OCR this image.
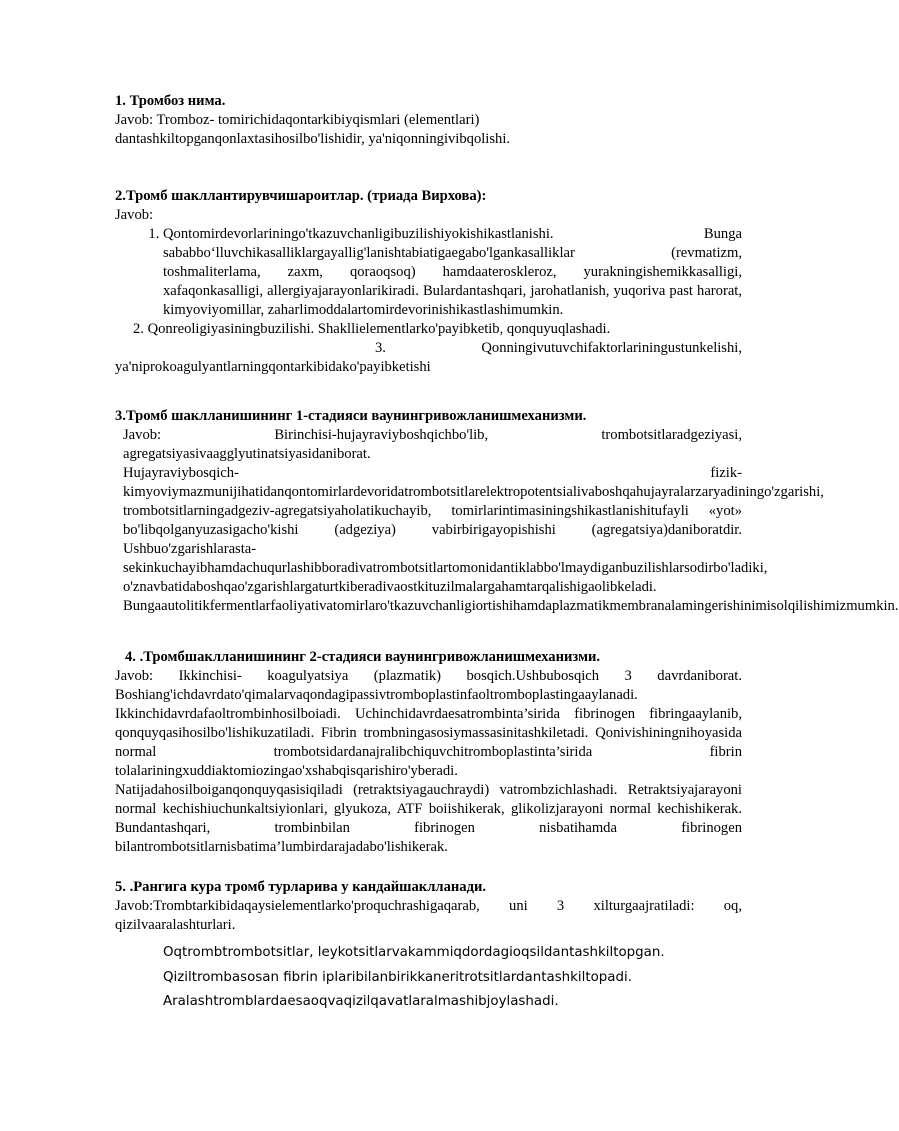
1. Тромбоз нима.

Javob: Tromboz- tomirichidaqontarkibiyqismlari (elementlari)

dantashkiltopganqonlaxtasihosilbo'lishidir, ya'niqonningivibqolishi.

2.Тромб шакллантирувчишароитлар. (триада Вирхова):

Javob:

1. Qontomirdevorlariningo'tkazuvchanligibuzilishiyokishikastlanishi. Bunga sababbo‘lluvchikasalliklargayallig'lanishtabiatigaegabo'lgankasalliklar (revmatizm, toshmaliterlama, zaxm, qoraoqsoq) hamdaateroskleroz, yurakningishemikkasalligi, xafaqonkasalligi, allergiyajarayonlarikiradi. Bulardantashqari, jarohatlanish, yuqoriva past harorat, kimyoviyomillar, zaharlimoddalartomirdevorinishikastlashimumkin.

2. Qonreoligiyasiningbuzilishi. Shakllielementlarko'payibketib, qonquyuqlashadi.

3. Qonningivutuvchifaktorlariningustunkelishi, ya'niprokoagulyantlarningqontarkibidako'payibketishi

3.Тромб шаклланишининг 1-стадияси ваунингривожланишмеханизми.

Javob: Birinchisi-hujayraviyboshqichbo'lib, trombotsitlaradgeziyasi, agregatsiyasivaagglyutinatsiyasidaniborat.

Hujayraviybosqich- fizik-kimyoviymazmunijihatidanqontomirlardevoridatrombotsitlarelektropotentsialivaboshqahujayralarzaryadiningo'zgarishi, trombotsitlarningadgeziv-agregatsiyaholatikuchayib, tomirlarintimasiningshikastlanishitufayli «yot» bo'libqolganyuzasigacho'kishi (adgeziya) vabirbirigayopishishi (agregatsiya)daniboratdir. Ushbuo'zgarishlarasta-sekinkuchayibhamdachuqurlashibboradivatrombotsitlartomonidantiklabbo'lmaydiganbuzilishlarsodirbo'ladiki,

o'znavbatidaboshqao'zgarishlargaturtkiberadivaostkituzilmalargahamtarqalishigaolibkeladi.

Bungaautolitikfermentlarfaoliyativatomirlaro'tkazuvchanligiortishihamdaplazmatikmembranalamingerishinimisolqilishimizmumkin.

4. .Тромбшаклланишининг 2-стадияси ваунингривожланишмеханизми.

Javob: Ikkinchisi- koagulyatsiya (plazmatik) bosqich.Ushbubosqich 3 davrdaniborat. Boshiang'ichdavrdato'qimalarvaqondagipassivtromboplastinfaoltromboplastingaaylanadi. Ikkinchidavrdafaoltrombinhosilboiadi. Uchinchidavrdaesatrombinta’sirida fibrinogen fibringaaylanib, qonquyqasihosilbo'lishikuzatiladi. Fibrin trombningasosiymassasinitashkiletadi. Qonivishiningnihoyasida normal trombotsidardanajralibchiquvchitromboplastinta’sirida fibrin tolalariningxuddiaktomiozingao'xshabqisqarishiro'yberadi.

Natijadahosilboiganqonquyqasisiqiladi (retraktsiyagauchraydi) vatrombzichlashadi. Retraktsiyajarayoni normal kechishiuchunkaltsiyionlari, glyukoza, ATF boiishikerak, glikolizjarayoni normal kechishikerak. Bundantashqari, trombinbilan fibrinogen nisbatihamda fibrinogen bilantrombotsitlarnisbatima’lumbirdarajadabo'lishikerak.

5. .Рангига кура тромб турларива у кандайшаклланади.

Javob:Trombtarkibidaqaysielementlarko'proquchrashigaqarab, uni 3 xilturgaajratiladi: oq, qizilvaaralashturlari.

Oqtrombtrombotsitlar, leykotsitlarvakammiqdordagioqsildantashkiltopgan.
Qiziltrombasosan fibrin iplaribilanbirikkaneritrotsitlardantashkiltopadi.
Aralashtromblardaesaoqvaqizilqavatlaralmashibjoylashadi.
